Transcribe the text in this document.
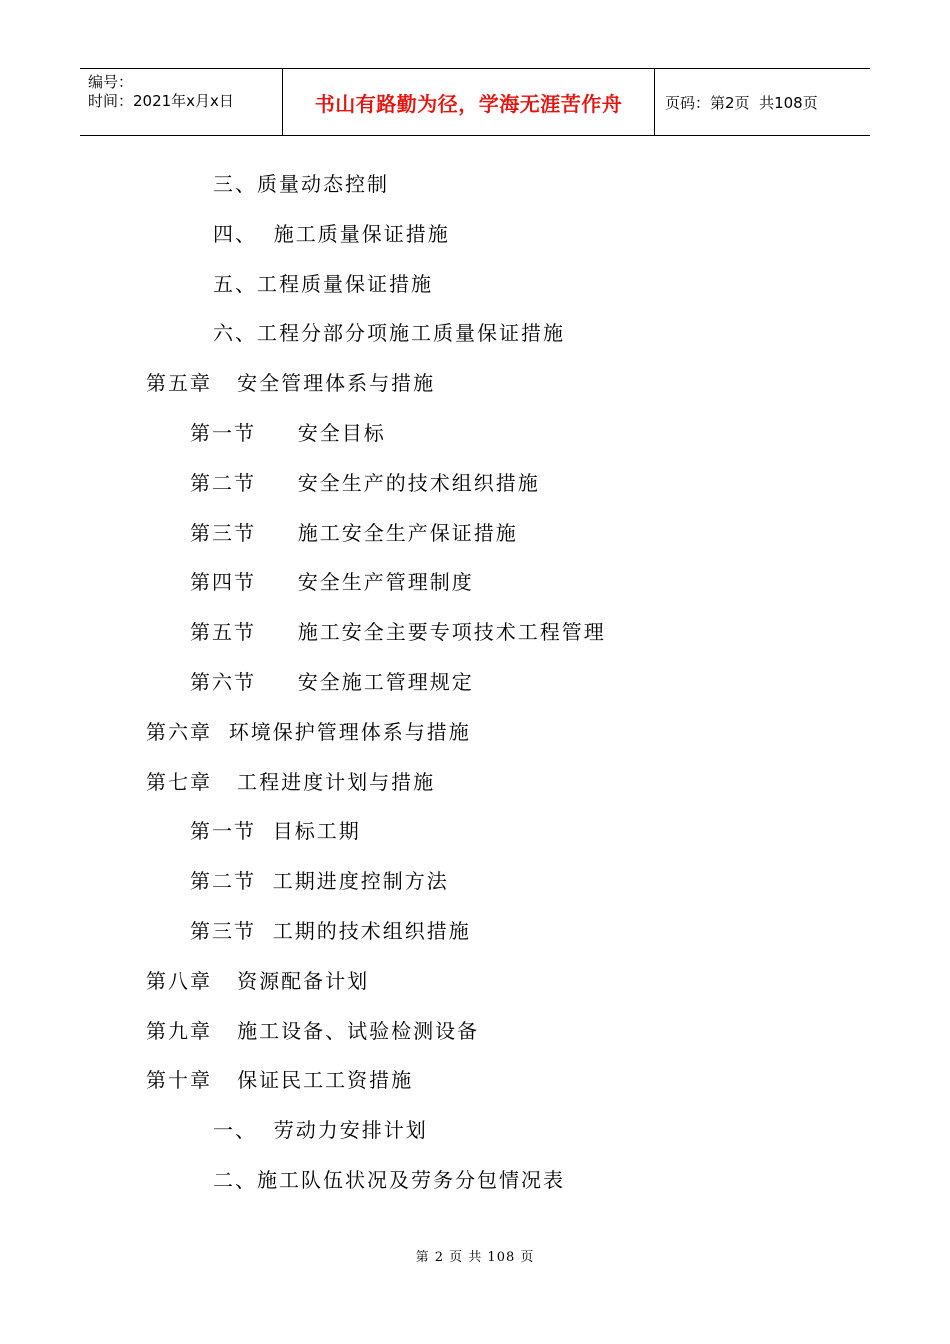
编号：
时间：2021年x月x日	书山有路勤为径，学海无涯苦作舟	页码：第2页  共108页
三、质量动态控制
四、  施工质量保证措施
五、工程质量保证措施
六、工程分部分项施工质量保证措施
第五章   安全管理体系与措施
第一节     安全目标
第二节     安全生产的技术组织措施
第三节     施工安全生产保证措施
第四节     安全生产管理制度
第五节     施工安全主要专项技术工程管理
第六节     安全施工管理规定
第六章  环境保护管理体系与措施
第七章   工程进度计划与措施
第一节  目标工期
第二节  工期进度控制方法
第三节  工期的技术组织措施
第八章   资源配备计划
第九章   施工设备、试验检测设备
第十章   保证民工工资措施
一、  劳动力安排计划
二、施工队伍状况及劳务分包情况表
第 2 页 共 108 页
